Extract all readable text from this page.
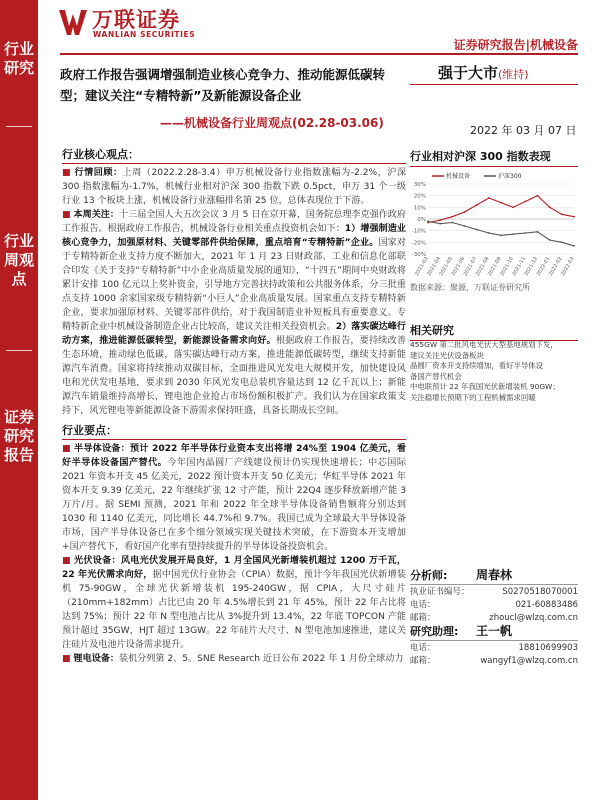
行业研究
行业周观点
证券研究报告
万联证券
WANLIAN SECURITIES
证券研究报告|机械设备
政府工作报告强调增强制造业核心竞争力、推动能源低碳转型；建议关注“专精特新”及新能源设备企业
——机械设备行业周观点(02.28-03.06)
强于大市(维持)
2022 年 03 月 07 日
行业核心观点：

■ 行情回顾：上周（2022.2.28-3.4）申万机械设备行业指数涨幅为-2.2%，沪深 300 指数涨幅为-1.7%，机械行业相对沪深 300 指数下跌 0.5pct，申万 31 个一级行业 13 个板块上涨，机械设备行业涨幅排名第 25 位，总体表现位于下游。

■ 本周关注：十三届全国人大五次会议 3 月 5 日在京开幕，国务院总理李克强作政府工作报告。根据政府工作报告，机械设备行业相关重点投资机会如下：1）增强制造业核心竞争力，加强原材料、关键零部件供给保障，重点培育“专精特新”企业。国家对于专精特新企业支持力度不断加大，2021 年 1 月 23 日财政部、工业和信息化部联合印发《关于支持“专精特新”中小企业高质量发展的通知》，“十四五”期间中央财政将累计安排 100 亿元以上奖补资金，引导地方完善扶持政策和公共服务体系，分三批重点支持 1000 余家国家级专精特新“小巨人”企业高质量发展。国家重点支持专精特新企业，要求加强原材料、关键零部件供给，对于我国制造业补短板具有重要意义。专精特新企业中机械设备制造企业占比较高，建议关注相关投资机会。2）落实碳达峰行动方案，推进能源低碳转型，新能源设备需求向好。根据政府工作报告，要持续改善生态环境，推动绿色低碳，落实碳达峰行动方案，推进能源低碳转型，继续支持新能源汽车消费。国家将持续推动双碳目标，全面推进风光发电大规模开发，加快建设风电和光伏发电基地，要求到 2030 年风光发电总装机容量达到 12 亿千瓦以上；新能源汽车销量维持高增长，锂电池企业抢占市场份额积极扩产。我们认为在国家政策支持下，风光锂电等新能源设备下游需求保持旺盛，具备长期成长空间。

行业要点：

■ 半导体设备：预计 2022 年半导体行业资本支出将增 24%至 1904 亿美元，看好半导体设备国产替代。今年国内晶圆厂产线建设预计仍实现快速增长；中芯国际 2021 年资本开支 45 亿美元，2022 预计资本开支 50 亿美元；华虹半导体 2021 年资本开支 9.39 亿美元，22 年继续扩张 12 寸产能，预计 22Q4 逐步释放新增产能 3 万片/月。据 SEMI 预测，2021 年和 2022 年全球半导体设备销售额将分别达到 1030 和 1140 亿美元，同比增长 44.7%和 9.7%。我国已成为全球最大半导体设备市场，国产半导体设备已在多个细分领域实现关键技术突破，在下游资本开支增加+国产替代下，看好国产化率有望持续提升的半导体设备投资机会。

■ 光伏设备：风电光伏发展开局良好，1 月全国风光新增装机超过 1200 万千瓦，22 年光伏需求向好，据中国光伏行业协会（CPIA）数据，预计今年我国光伏新增装机 75-90GW，全球光伏新增装机 195-240GW，据 CPIA，大尺寸硅片（210mm+182mm）占比已由 20 年 4.5%增长到 21 年 45%，预计 22 年占比将达到 75%；预计 22 年 N 型电池占比从 3%提升到 13.4%，22 年底 TOPCON 产能预计超过 35GW，HJT 超过 13GW。22 年硅片大尺寸、N 型电池加速推进，建议关注硅片及电池片设备需求提升。

■ 锂电设备：装机分列第 2、5。SNE Research 近日公布 2022 年 1 月份全球动力

行业相对沪深 300 指数表现
-30%
-20%
-10%
0%
10%
20%
30%
2021-03
2021-04
2021-05
2021-06
2021-07
2021-08
2021-09
2021-10
2021-11
2021-12
2022-01
2022-02
2022-03
机械设备	沪深300
数据来源：聚源，万联证券研究所
相关研究
455GW 第二批风电光伏大型基地规划下发，
建议关注光伏设备板块
晶圆厂资本开支持续增加，看好半导体设
备国产替代机会
中电联预计 22 年我国光伏新增装机 90GW；
关注稳增长预期下的工程机械需求回暖
分析师:	周春林
执业证书编号：	S0270518070001
电话：	021-60883486
邮箱：	zhoucl@wlzq.com.cn
研究助理:	王一帆
电话：	18810699903
邮箱：	wangyf1@wlzq.com.cn
